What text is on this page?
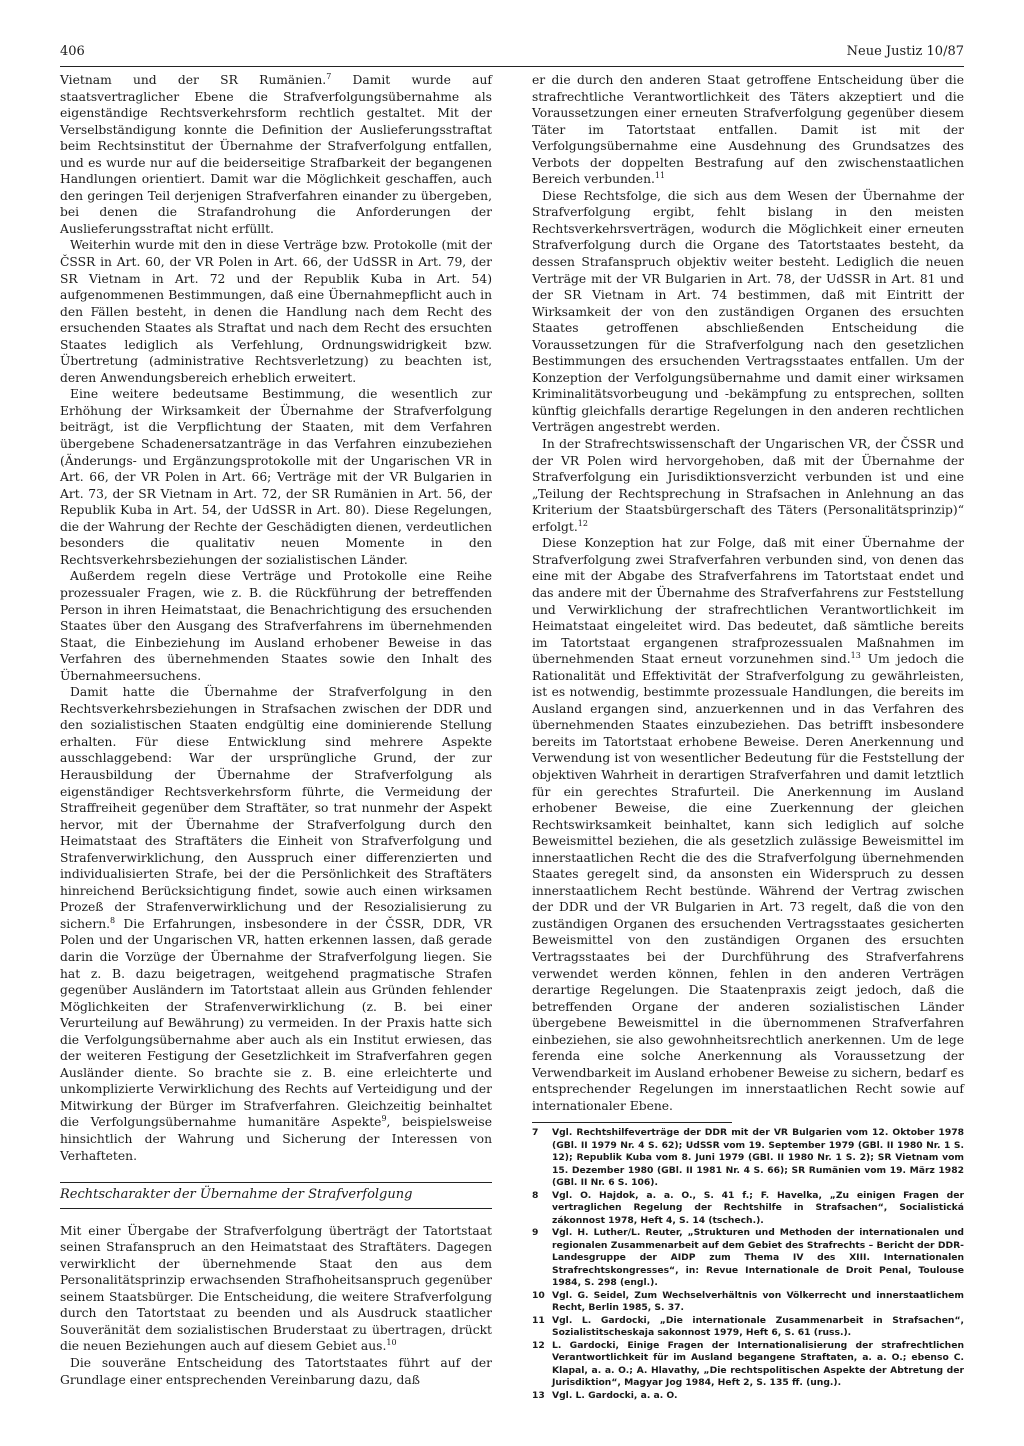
406	Neue Justiz 10/87

Vietnam und der SR Rumänien.$^7$ Damit wurde auf staatsvertraglicher Ebene die Strafverfolgungsübernahme als eigenständige Rechtsverkehrsform rechtlich gestaltet. Mit der Verselbständigung konnte die Definition der Auslieferungsstraftat beim Rechtsinstitut der Übernahme der Strafverfolgung entfallen, und es wurde nur auf die beiderseitige Strafbarkeit der begangenen Handlungen orientiert. Damit war die Möglichkeit geschaffen, auch den geringen Teil derjenigen Strafverfahren einander zu übergeben, bei denen die Strafandrohung die Anforderungen der Auslieferungsstraftat nicht erfüllt.

Weiterhin wurde mit den in diese Verträge bzw. Protokolle (mit der ČSSR in Art. 60, der VR Polen in Art. 66, der UdSSR in Art. 79, der SR Vietnam in Art. 72 und der Republik Kuba in Art. 54) aufgenommenen Bestimmungen, daß eine Übernahmepflicht auch in den Fällen besteht, in denen die Handlung nach dem Recht des ersuchenden Staates als Straftat und nach dem Recht des ersuchten Staates lediglich als Verfehlung, Ordnungswidrigkeit bzw. Übertretung (administrative Rechtsverletzung) zu beachten ist, deren Anwendungsbereich erheblich erweitert.

Eine weitere bedeutsame Bestimmung, die wesentlich zur Erhöhung der Wirksamkeit der Übernahme der Strafverfolgung beiträgt, ist die Verpflichtung der Staaten, mit dem Verfahren übergebene Schadenersatzanträge in das Verfahren einzubeziehen (Änderungs- und Ergänzungsprotokolle mit der Ungarischen VR in Art. 66, der VR Polen in Art. 66; Verträge mit der VR Bulgarien in Art. 73, der SR Vietnam in Art. 72, der SR Rumänien in Art. 56, der Republik Kuba in Art. 54, der UdSSR in Art. 80). Diese Regelungen, die der Wahrung der Rechte der Geschädigten dienen, verdeutlichen besonders die qualitativ neuen Momente in den Rechtsverkehrsbeziehungen der sozialistischen Länder.

Außerdem regeln diese Verträge und Protokolle eine Reihe prozessualer Fragen, wie z. B. die Rückführung der betreffenden Person in ihren Heimatstaat, die Benachrichtigung des ersuchenden Staates über den Ausgang des Strafverfahrens im übernehmenden Staat, die Einbeziehung im Ausland erhobener Beweise in das Verfahren des übernehmenden Staates sowie den Inhalt des Übernahmeersuchens.

Damit hatte die Übernahme der Strafverfolgung in den Rechtsverkehrsbeziehungen in Strafsachen zwischen der DDR und den sozialistischen Staaten endgültig eine dominierende Stellung erhalten. Für diese Entwicklung sind mehrere Aspekte ausschlaggebend: War der ursprüngliche Grund, der zur Herausbildung der Übernahme der Strafverfolgung als eigenständiger Rechtsverkehrsform führte, die Vermeidung der Straffreiheit gegenüber dem Straftäter, so trat nunmehr der Aspekt hervor, mit der Übernahme der Strafverfolgung durch den Heimatstaat des Straftäters die Einheit von Strafverfolgung und Strafenverwirklichung, den Ausspruch einer differenzierten und individualisierten Strafe, bei der die Persönlichkeit des Straftäters hinreichend Berücksichtigung findet, sowie auch einen wirksamen Prozeß der Strafenverwirklichung und der Resozialisierung zu sichern.$^8$ Die Erfahrungen, insbesondere in der ČSSR, DDR, VR Polen und der Ungarischen VR, hatten erkennen lassen, daß gerade darin die Vorzüge der Übernahme der Strafverfolgung liegen. Sie hat z. B. dazu beigetragen, weitgehend pragmatische Strafen gegenüber Ausländern im Tatortstaat allein aus Gründen fehlender Möglichkeiten der Strafenverwirklichung (z. B. bei einer Verurteilung auf Bewährung) zu vermeiden. In der Praxis hatte sich die Verfolgungsübernahme aber auch als ein Institut erwiesen, das der weiteren Festigung der Gesetzlichkeit im Strafverfahren gegen Ausländer diente. So brachte sie z. B. eine erleichterte und unkomplizierte Verwirklichung des Rechts auf Verteidigung und der Mitwirkung der Bürger im Strafverfahren. Gleichzeitig beinhaltet die Verfolgungsübernahme humanitäre Aspekte$^9$, beispielsweise hinsichtlich der Wahrung und Sicherung der Interessen von Verhafteten.

Rechtscharakter der Übernahme der Strafverfolgung

Mit einer Übergabe der Strafverfolgung überträgt der Tatortstaat seinen Strafanspruch an den Heimatstaat des Straftäters. Dagegen verwirklicht der übernehmende Staat den aus dem Personalitätsprinzip erwachsenden Strafhoheitsanspruch gegenüber seinem Staatsbürger. Die Entscheidung, die weitere Strafverfolgung durch den Tatortstaat zu beenden und als Ausdruck staatlicher Souveränität dem sozialistischen Bruderstaat zu übertragen, drückt die neuen Beziehungen auch auf diesem Gebiet aus.$^{10}$

Die souveräne Entscheidung des Tatortstaates führt auf der Grundlage einer entsprechenden Vereinbarung dazu, daß

er die durch den anderen Staat getroffene Entscheidung über die strafrechtliche Verantwortlichkeit des Täters akzeptiert und die Voraussetzungen einer erneuten Strafverfolgung gegenüber diesem Täter im Tatortstaat entfallen. Damit ist mit der Verfolgungsübernahme eine Ausdehnung des Grundsatzes des Verbots der doppelten Bestrafung auf den zwischenstaatlichen Bereich verbunden.$^{11}$

Diese Rechtsfolge, die sich aus dem Wesen der Übernahme der Strafverfolgung ergibt, fehlt bislang in den meisten Rechtsverkehrsverträgen, wodurch die Möglichkeit einer erneuten Strafverfolgung durch die Organe des Tatortstaates besteht, da dessen Strafanspruch objektiv weiter besteht. Lediglich die neuen Verträge mit der VR Bulgarien in Art. 78, der UdSSR in Art. 81 und der SR Vietnam in Art. 74 bestimmen, daß mit Eintritt der Wirksamkeit der von den zuständigen Organen des ersuchten Staates getroffenen abschließenden Entscheidung die Voraussetzungen für die Strafverfolgung nach den gesetzlichen Bestimmungen des ersuchenden Vertragsstaates entfallen. Um der Konzeption der Verfolgungsübernahme und damit einer wirksamen Kriminalitätsvorbeugung und -bekämpfung zu entsprechen, sollten künftig gleichfalls derartige Regelungen in den anderen rechtlichen Verträgen angestrebt werden.

In der Strafrechtswissenschaft der Ungarischen VR, der ČSSR und der VR Polen wird hervorgehoben, daß mit der Übernahme der Strafverfolgung ein Jurisdiktionsverzicht verbunden ist und eine „Teilung der Rechtsprechung in Strafsachen in Anlehnung an das Kriterium der Staatsbürgerschaft des Täters (Personalitätsprinzip)“ erfolgt.$^{12}$

Diese Konzeption hat zur Folge, daß mit einer Übernahme der Strafverfolgung zwei Strafverfahren verbunden sind, von denen das eine mit der Abgabe des Strafverfahrens im Tatortstaat endet und das andere mit der Übernahme des Strafverfahrens zur Feststellung und Verwirklichung der strafrechtlichen Verantwortlichkeit im Heimatstaat eingeleitet wird. Das bedeutet, daß sämtliche bereits im Tatortstaat ergangenen strafprozessualen Maßnahmen im übernehmenden Staat erneut vorzunehmen sind.$^{13}$ Um jedoch die Rationalität und Effektivität der Strafverfolgung zu gewährleisten, ist es notwendig, bestimmte prozessuale Handlungen, die bereits im Ausland ergangen sind, anzuerkennen und in das Verfahren des übernehmenden Staates einzubeziehen. Das betrifft insbesondere bereits im Tatortstaat erhobene Beweise. Deren Anerkennung und Verwendung ist von wesentlicher Bedeutung für die Feststellung der objektiven Wahrheit in derartigen Strafverfahren und damit letztlich für ein gerechtes Strafurteil. Die Anerkennung im Ausland erhobener Beweise, die eine Zuerkennung der gleichen Rechtswirksamkeit beinhaltet, kann sich lediglich auf solche Beweismittel beziehen, die als gesetzlich zulässige Beweismittel im innerstaatlichen Recht die des die Strafverfolgung übernehmenden Staates geregelt sind, da ansonsten ein Widerspruch zu dessen innerstaatlichem Recht bestünde. Während der Vertrag zwischen der DDR und der VR Bulgarien in Art. 73 regelt, daß die von den zuständigen Organen des ersuchenden Vertragsstaates gesicherten Beweismittel von den zuständigen Organen des ersuchten Vertragsstaates bei der Durchführung des Strafverfahrens verwendet werden können, fehlen in den anderen Verträgen derartige Regelungen. Die Staatenpraxis zeigt jedoch, daß die betreffenden Organe der anderen sozialistischen Länder übergebene Beweismittel in die übernommenen Strafverfahren einbeziehen, sie also gewohnheitsrechtlich anerkennen. Um de lege ferenda eine solche Anerkennung als Voraussetzung der Verwendbarkeit im Ausland erhobener Beweise zu sichern, bedarf es entsprechender Regelungen im innerstaatlichen Recht sowie auf internationaler Ebene.

7	Vgl. Rechtshilfeverträge der DDR mit der VR Bulgarien vom 12. Oktober 1978 (GBl. II 1979 Nr. 4 S. 62); UdSSR vom 19. September 1979 (GBl. II 1980 Nr. 1 S. 12); Republik Kuba vom 8. Juni 1979 (GBl. II 1980 Nr. 1 S. 2); SR Vietnam vom 15. Dezember 1980 (GBl. II 1981 Nr. 4 S. 66); SR Rumänien vom 19. März 1982 (GBl. II Nr. 6 S. 106).
8	Vgl. O. Hajdok, a. a. O., S. 41 f.; F. Havelka, „Zu einigen Fragen der vertraglichen Regelung der Rechtshilfe in Strafsachen“, Socialistická zákonnost 1978, Heft 4, S. 14 (tschech.).
9	Vgl. H. Luther/L. Reuter, „Strukturen und Methoden der internationalen und regionalen Zusammenarbeit auf dem Gebiet des Strafrechts – Bericht der DDR-Landesgruppe der AIDP zum Thema IV des XIII. Internationalen Strafrechtskongresses“, in: Revue Internationale de Droit Penal, Toulouse 1984, S. 298 (engl.).
10 Vgl. G. Seidel, Zum Wechselverhältnis von Völkerrecht und innerstaatlichem Recht, Berlin 1985, S. 37.
11 Vgl. L. Gardocki, „Die internationale Zusammenarbeit in Strafsachen“, Sozialistitscheskaja sakonnost 1979, Heft 6, S. 61 (russ.).
12 L. Gardocki, Einige Fragen der Internationalisierung der strafrechtlichen Verantwortlichkeit für im Ausland begangene Straftaten, a. a. O.; ebenso C. Klapal, a. a. O.; A. Hlavathy, „Die rechtspolitischen Aspekte der Abtretung der Jurisdiktion“, Magyar Jog 1984, Heft 2, S. 135 ff. (ung.).
13 Vgl. L. Gardocki, a. a. O.
